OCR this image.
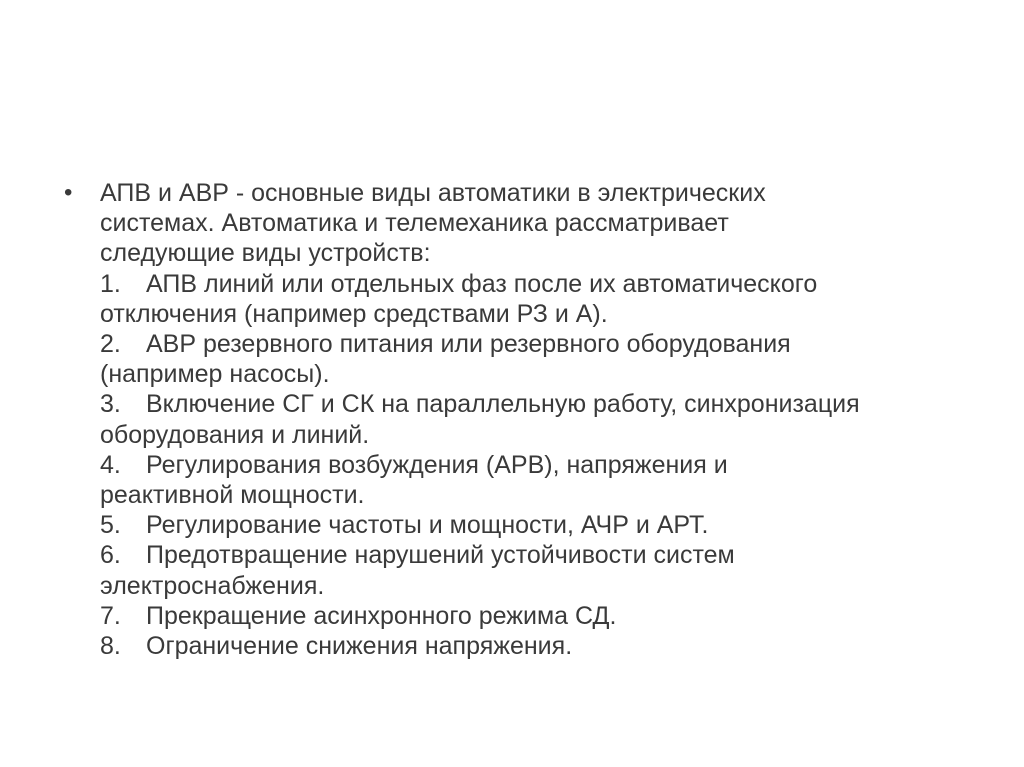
• АПВ и АВР - основные виды автоматики в электрических
системах. Автоматика и телемеханика рассматривает
следующие виды устройств:
1. АПВ линий или отдельных фаз после их автоматического
отключения (например средствами РЗ и А).
2. АВР резервного питания или резервного оборудования
(например насосы).
3. Включение СГ и СК на параллельную работу, синхронизация
оборудования и линий.
4. Регулирования возбуждения (АРВ), напряжения и
реактивной мощности.
5. Регулирование частоты и мощности, АЧР и АРТ.
6. Предотвращение нарушений устойчивости систем
электроснабжения.
7. Прекращение асинхронного режима СД.
8. Ограничение снижения напряжения.
